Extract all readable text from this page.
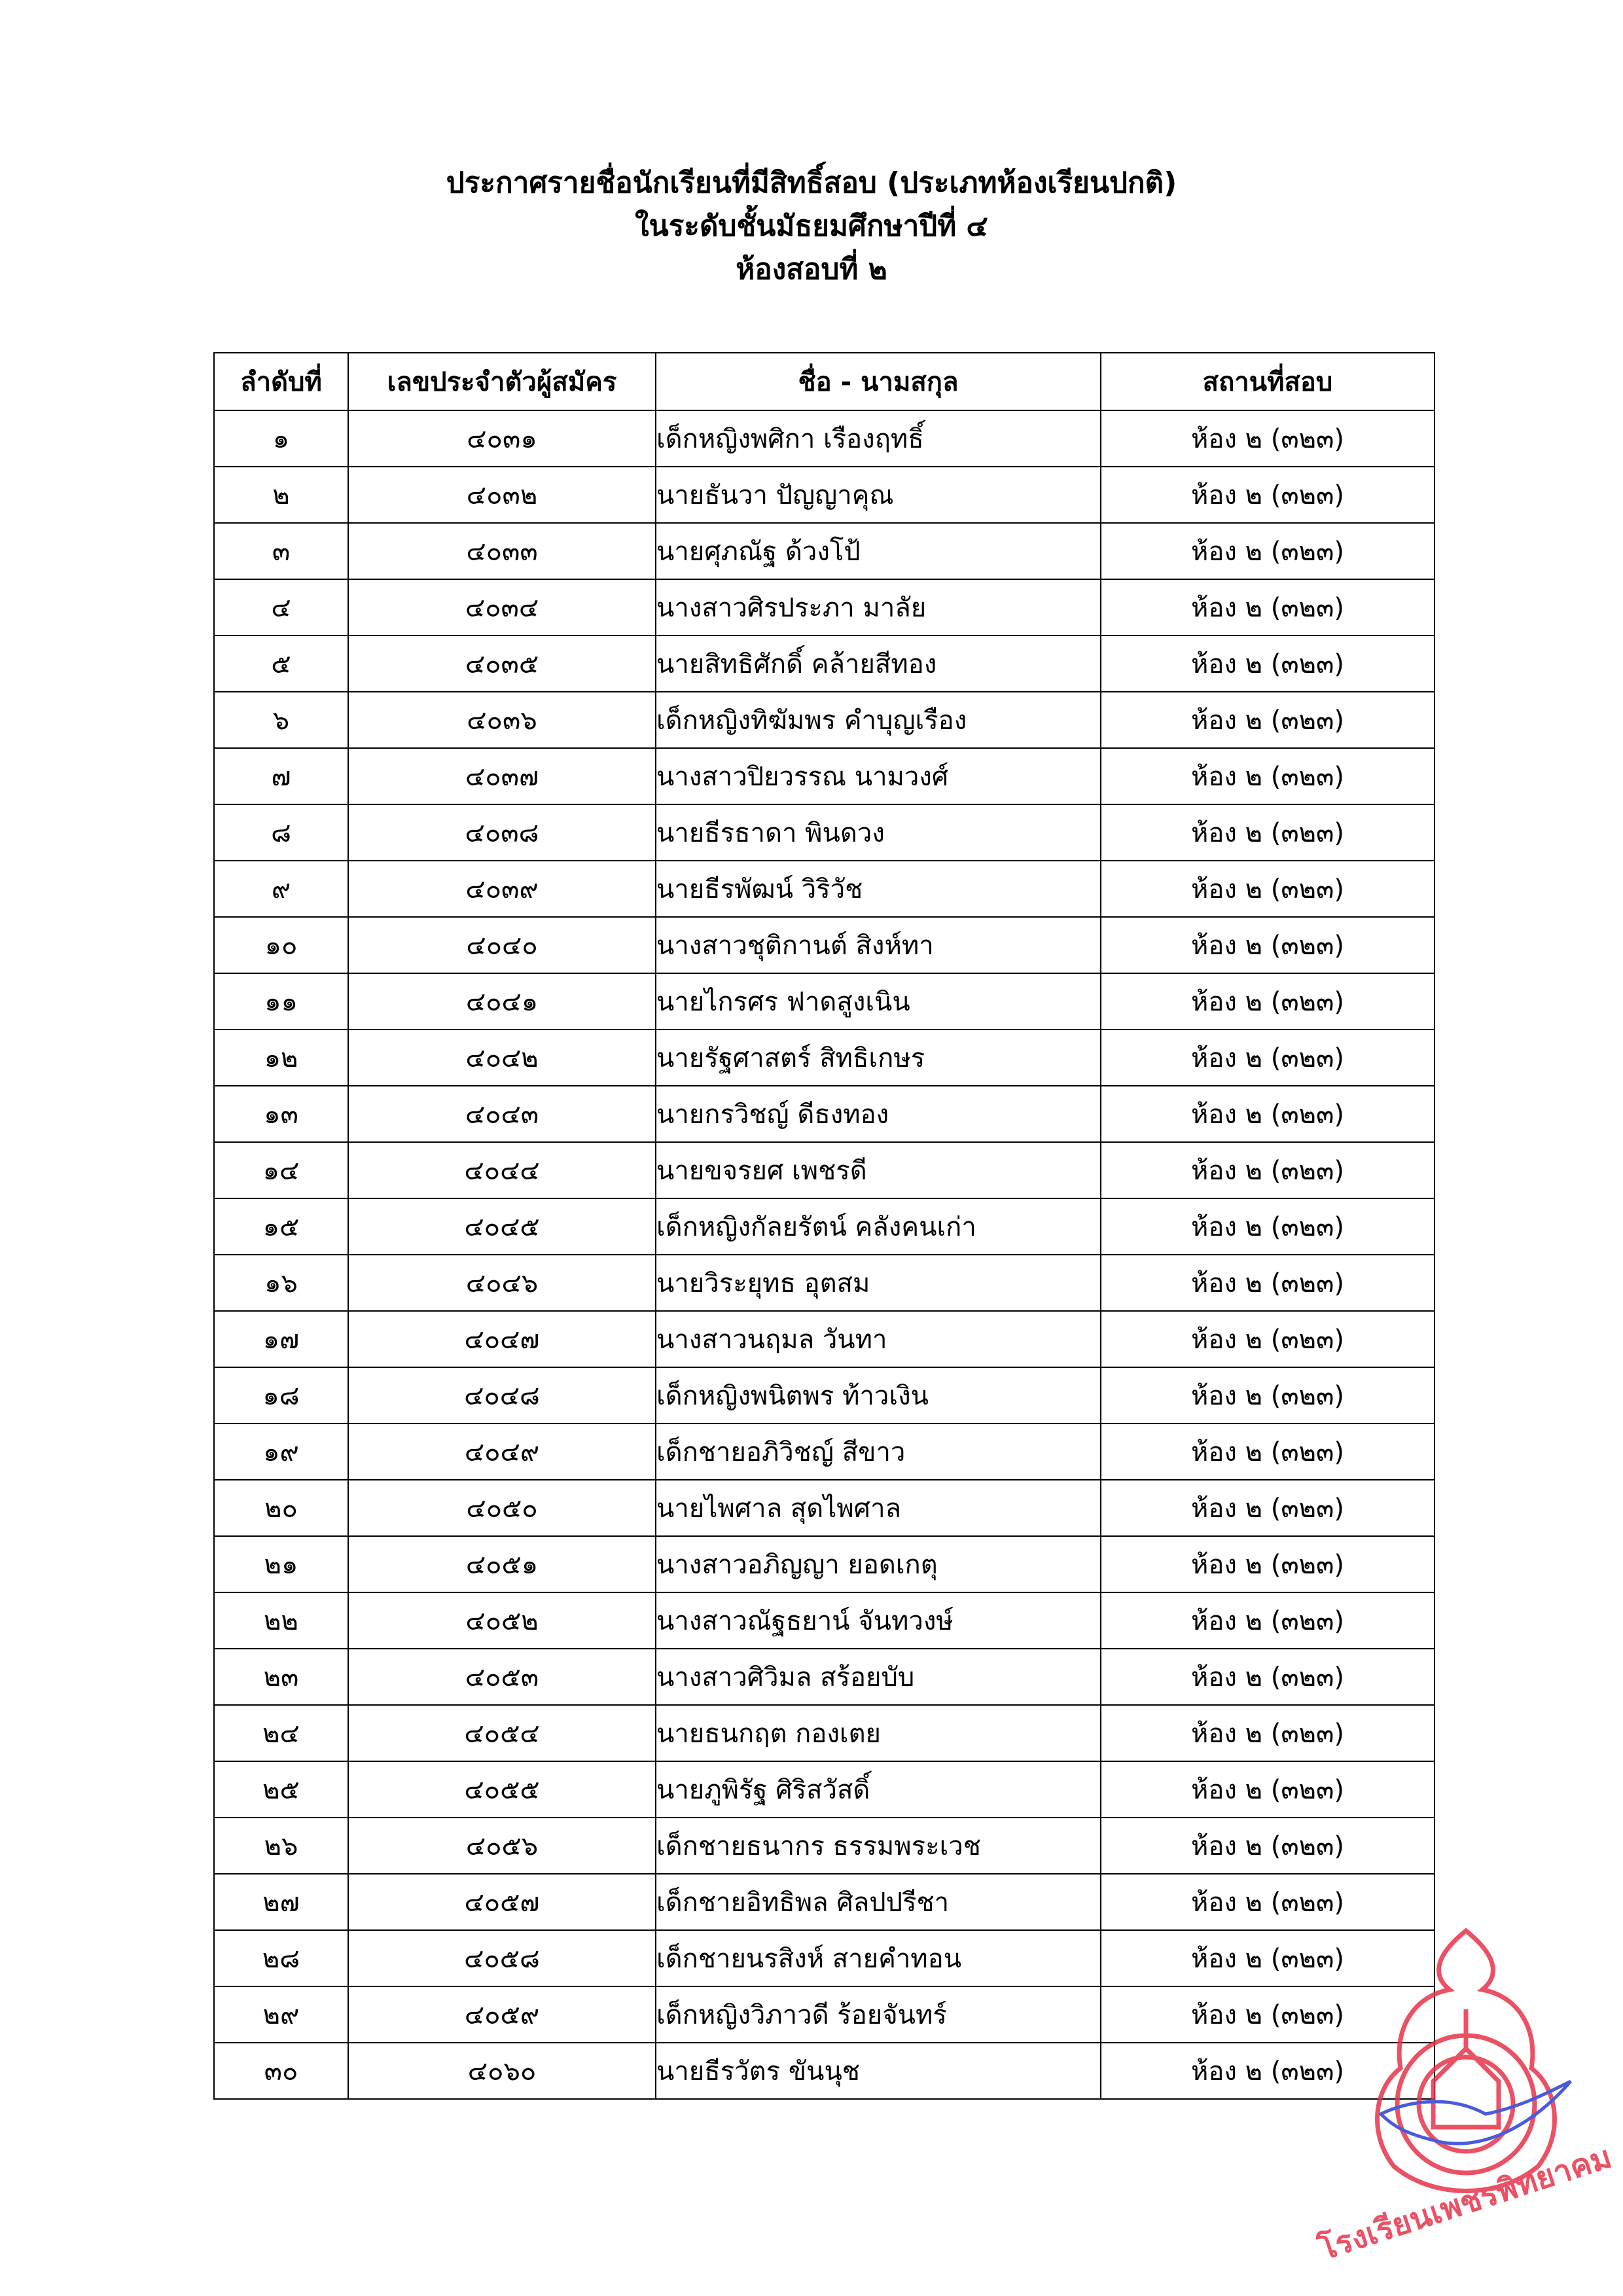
ประกาศรายชื่อนักเรียนที่มีสิทธิ์สอบ (ประเภทห้องเรียนปกติ)
ในระดับชั้นมัธยมศึกษาปีที่ ๔
ห้องสอบที่ ๒
ลำดับที่	เลขประจำตัวผู้สมัคร	ชื่อ - นามสกุล	สถานที่สอบ
๑	๔๐๓๑	เด็กหญิงพศิกา เรืองฤทธิ์	ห้อง ๒ (๓๒๓)
๒	๔๐๓๒	นายธันวา ปัญญาคุณ	ห้อง ๒ (๓๒๓)
๓	๔๐๓๓	นายศุภณัฐ ด้วงโป้	ห้อง ๒ (๓๒๓)
๔	๔๐๓๔	นางสาวศิรประภา มาลัย	ห้อง ๒ (๓๒๓)
๕	๔๐๓๕	นายสิทธิศักดิ์ คล้ายสีทอง	ห้อง ๒ (๓๒๓)
๖	๔๐๓๖	เด็กหญิงทิฆัมพร คำบุญเรือง	ห้อง ๒ (๓๒๓)
๗	๔๐๓๗	นางสาวปิยวรรณ นามวงศ์	ห้อง ๒ (๓๒๓)
๘	๔๐๓๘	นายธีรธาดา พินดวง	ห้อง ๒ (๓๒๓)
๙	๔๐๓๙	นายธีรพัฒน์ วิริวัช	ห้อง ๒ (๓๒๓)
๑๐	๔๐๔๐	นางสาวชุติกานต์ สิงห์ทา	ห้อง ๒ (๓๒๓)
๑๑	๔๐๔๑	นายไกรศร ฟาดสูงเนิน	ห้อง ๒ (๓๒๓)
๑๒	๔๐๔๒	นายรัฐศาสตร์ สิทธิเกษร	ห้อง ๒ (๓๒๓)
๑๓	๔๐๔๓	นายกรวิชญ์ ดีธงทอง	ห้อง ๒ (๓๒๓)
๑๔	๔๐๔๔	นายขจรยศ เพชรดี	ห้อง ๒ (๓๒๓)
๑๕	๔๐๔๕	เด็กหญิงกัลยรัตน์ คลังคนเก่า	ห้อง ๒ (๓๒๓)
๑๖	๔๐๔๖	นายวิระยุทธ อุตสม	ห้อง ๒ (๓๒๓)
๑๗	๔๐๔๗	นางสาวนฤมล วันทา	ห้อง ๒ (๓๒๓)
๑๘	๔๐๔๘	เด็กหญิงพนิตพร ท้าวเงิน	ห้อง ๒ (๓๒๓)
๑๙	๔๐๔๙	เด็กชายอภิวิชญ์ สีขาว	ห้อง ๒ (๓๒๓)
๒๐	๔๐๕๐	นายไพศาล สุดไพศาล	ห้อง ๒ (๓๒๓)
๒๑	๔๐๕๑	นางสาวอภิญญา ยอดเกตุ	ห้อง ๒ (๓๒๓)
๒๒	๔๐๕๒	นางสาวณัฐธยาน์ จันทวงษ์	ห้อง ๒ (๓๒๓)
๒๓	๔๐๕๓	นางสาวศิวิมล สร้อยบับ	ห้อง ๒ (๓๒๓)
๒๔	๔๐๕๔	นายธนกฤต กองเตย	ห้อง ๒ (๓๒๓)
๒๕	๔๐๕๕	นายภูพิรัฐ ศิริสวัสดิ์	ห้อง ๒ (๓๒๓)
๒๖	๔๐๕๖	เด็กชายธนากร ธรรมพระเวช	ห้อง ๒ (๓๒๓)
๒๗	๔๐๕๗	เด็กชายอิทธิพล ศิลปปรีชา	ห้อง ๒ (๓๒๓)
๒๘	๔๐๕๘	เด็กชายนรสิงห์ สายคำทอน	ห้อง ๒ (๓๒๓)
๒๙	๔๐๕๙	เด็กหญิงวิภาวดี ร้อยจันทร์	ห้อง ๒ (๓๒๓)
๓๐	๔๐๖๐	นายธีรวัตร ขันนุช	ห้อง ๒ (๓๒๓)
โรงเรียนเพชรพิทยาคม
